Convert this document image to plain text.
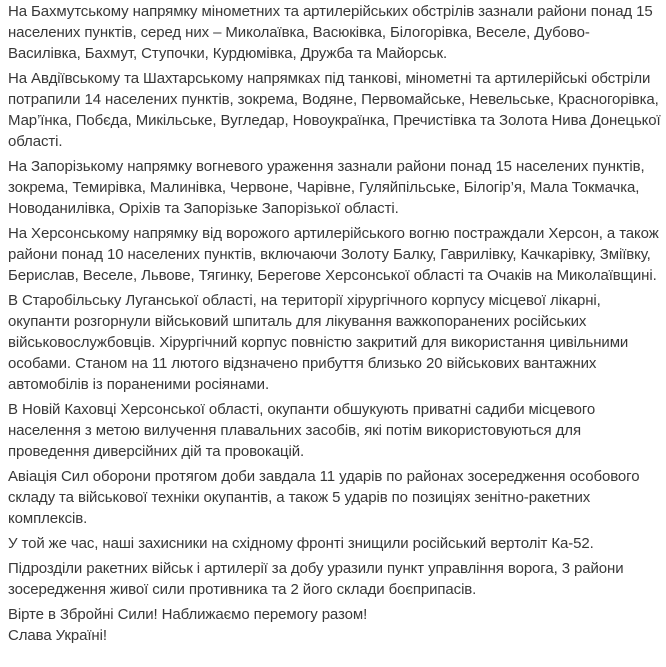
На Бахмутському напрямку мінометних та артилерійських обстрілів зазнали райони понад 15 населених пунктів, серед них – Миколаївка, Васюківка, Білогорівка, Веселе, Дубово-Василівка, Бахмут, Ступочки, Курдюмівка, Дружба та Майорськ.

На Авдіївському та Шахтарському напрямках під танкові, мінометні та артилерійські обстріли потрапили 14 населених пунктів, зокрема, Водяне, Первомайське, Невельське, Красногорівка, Мар’їнка, Побєда, Микільське, Вугледар, Новоукраїнка, Пречистівка та Золота Нива Донецької області.

На Запорізькому напрямку вогневого ураження зазнали райони понад 15 населених пунктів, зокрема, Темирівка, Малинівка, Червоне, Чарівне, Гуляйпільське, Білогір’я, Мала Токмачка, Новоданилівка, Оріхів та Запорізьке Запорізької області.

На Херсонському напрямку від ворожого артилерійського вогню постраждали Херсон, а також райони понад 10 населених пунктів, включаючи Золоту Балку, Гаврилівку, Качкарівку, Зміївку, Берислав, Веселе, Львове, Тягинку, Берегове Херсонської області та Очаків на Миколаївщині.

В Старобільську Луганської області, на території хірургічного корпусу місцевої лікарні, окупанти розгорнули військовий шпиталь для лікування важкопоранених російських військовослужбовців. Хірургічний корпус повністю закритий для використання цивільними особами. Станом на 11 лютого відзначено прибуття близько 20 військових вантажних автомобілів із пораненими росіянами.

В Новій Каховці Херсонської області, окупанти обшукують приватні садиби місцевого населення з метою вилучення плавальних засобів, які потім використовуються для проведення диверсійних дій та провокацій.

Авіація Сил оборони протягом доби завдала 11 ударів по районах зосередження особового складу та військової техніки окупантів, а також 5 ударів по позиціях зенітно-ракетних комплексів.

У той же час, наші захисники на східному фронті знищили російський вертоліт Ка-52.

Підрозділи ракетних військ і артилерії за добу уразили пункт управління ворога, 3 райони зосередження живої сили противника та 2 його склади боєприпасів.

Вірте в Збройні Сили! Наближаємо перемогу разом!
Слава Україні!
